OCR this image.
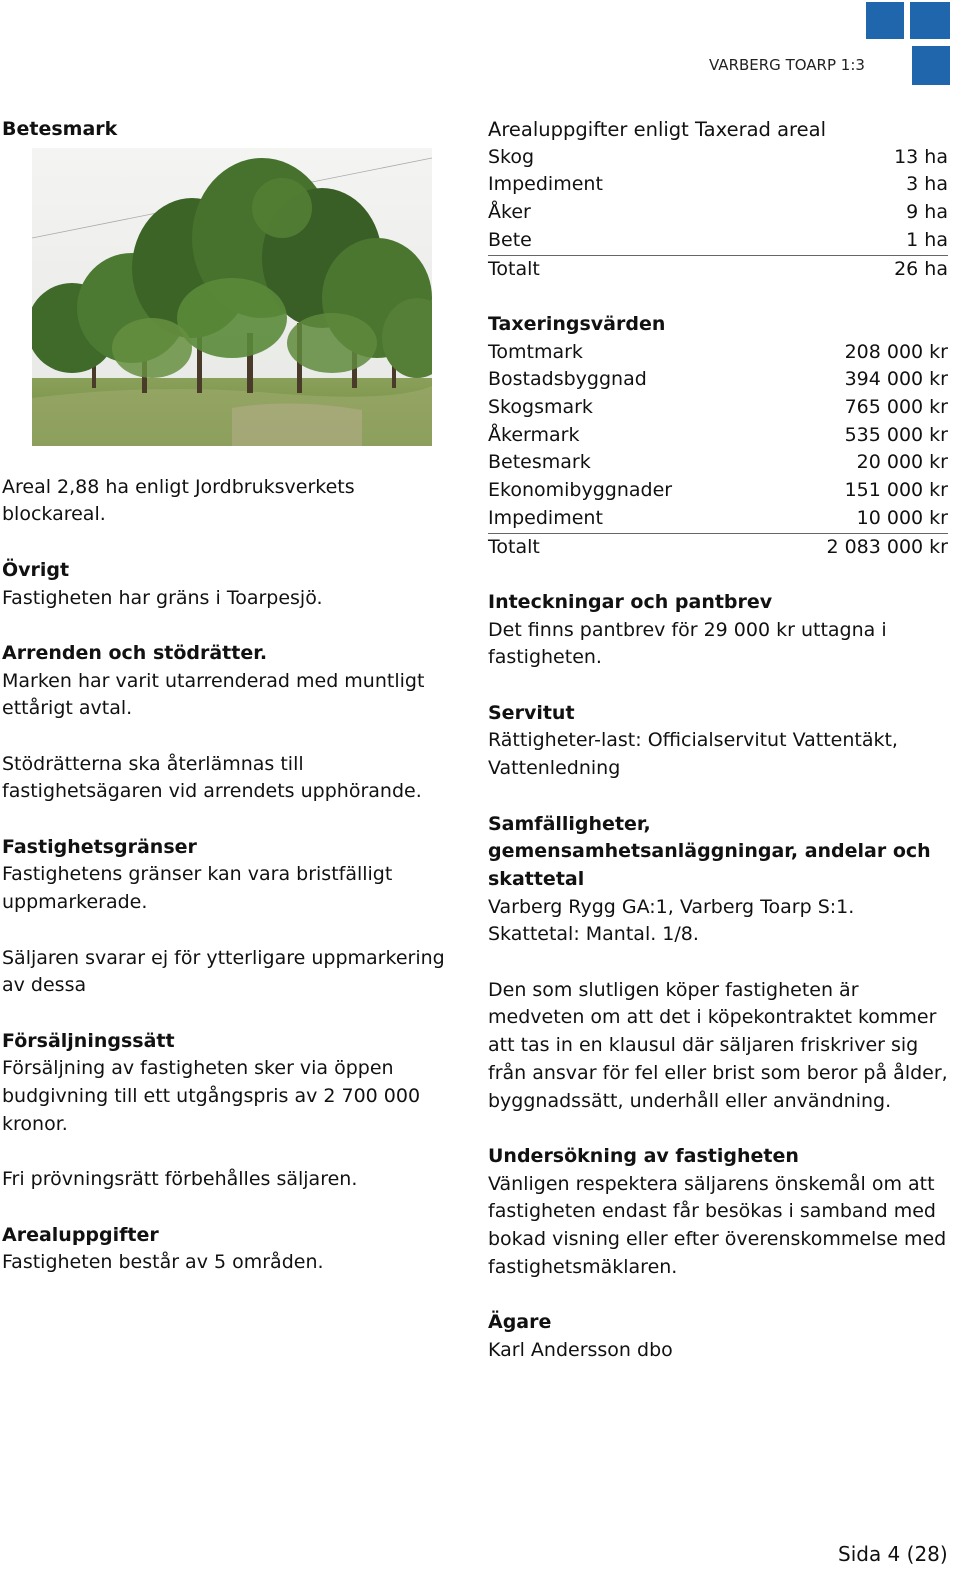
VARBERG TOARP 1:3

Betesmark

Areal 2,88 ha enligt Jordbruksverkets blockareal.

Övrigt

Fastigheten har gräns i Toarpesjö.

Arrenden och stödrätter.

Marken har varit utarrenderad med muntligt ettårigt avtal.

Stödrätterna ska återlämnas till fastighetsägaren vid arrendets upphörande.

Fastighetsgränser

Fastighetens gränser kan vara bristfälligt uppmarkerade.

Säljaren svarar ej för ytterligare uppmarkering av dessa

Försäljningssätt

Försäljning av fastigheten sker via öppen budgivning till ett utgångspris av 2 700 000 kronor.

Fri prövningsrätt förbehålles säljaren.

Arealuppgifter

Fastigheten består av 5 områden.

Arealuppgifter enligt Taxerad areal

Skog	13 ha
Impediment	3 ha
Åker	9 ha
Bete	1 ha
Totalt	26 ha

Taxeringsvärden

Tomtmark	208 000 kr
Bostadsbyggnad	394 000 kr
Skogsmark	765 000 kr
Åkermark	535 000 kr
Betesmark	20 000 kr
Ekonomibyggnader	151 000 kr
Impediment	10 000 kr
Totalt	2 083 000 kr

Inteckningar och pantbrev

Det finns pantbrev för 29 000 kr uttagna i fastigheten.

Servitut

Rättigheter-last: Officialservitut Vattentäkt, Vattenledning

Samfälligheter, gemensamhetsanläggningar, andelar och skattetal

Varberg Rygg GA:1, Varberg Toarp S:1.

Skattetal: Mantal. 1/8.

Den som slutligen köper fastigheten är medveten om att det i köpekontraktet kommer att tas in en klausul där säljaren friskriver sig från ansvar för fel eller brist som beror på ålder, byggnadssätt, underhåll eller användning.

Undersökning av fastigheten

Vänligen respektera säljarens önskemål om att fastigheten endast får besökas i samband med bokad visning eller efter överenskommelse med fastighetsmäklaren.

Ägare

Karl Andersson dbo

Sida 4 (28)
